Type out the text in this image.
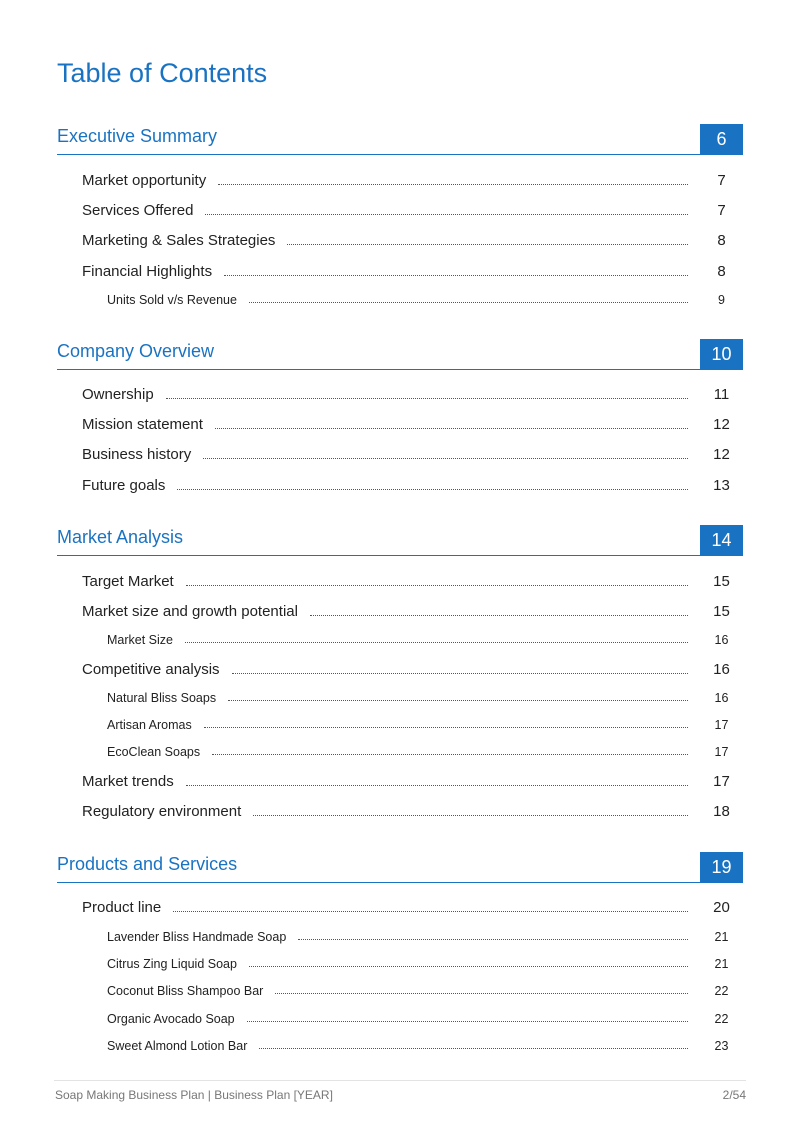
Table of Contents
Executive Summary	6
Market opportunity	7
Services Offered	7
Marketing & Sales Strategies	8
Financial Highlights	8
Units Sold v/s Revenue	9
Company Overview	10
Ownership	11
Mission statement	12
Business history	12
Future goals	13
Market Analysis	14
Target Market	15
Market size and growth potential	15
Market Size	16
Competitive analysis	16
Natural Bliss Soaps	16
Artisan Aromas	17
EcoClean Soaps	17
Market trends	17
Regulatory environment	18
Products and Services	19
Product line	20
Lavender Bliss Handmade Soap	21
Citrus Zing Liquid Soap	21
Coconut Bliss Shampoo Bar	22
Organic Avocado Soap	22
Sweet Almond Lotion Bar	23
Soap Making Business Plan | Business Plan [YEAR]	2/54
